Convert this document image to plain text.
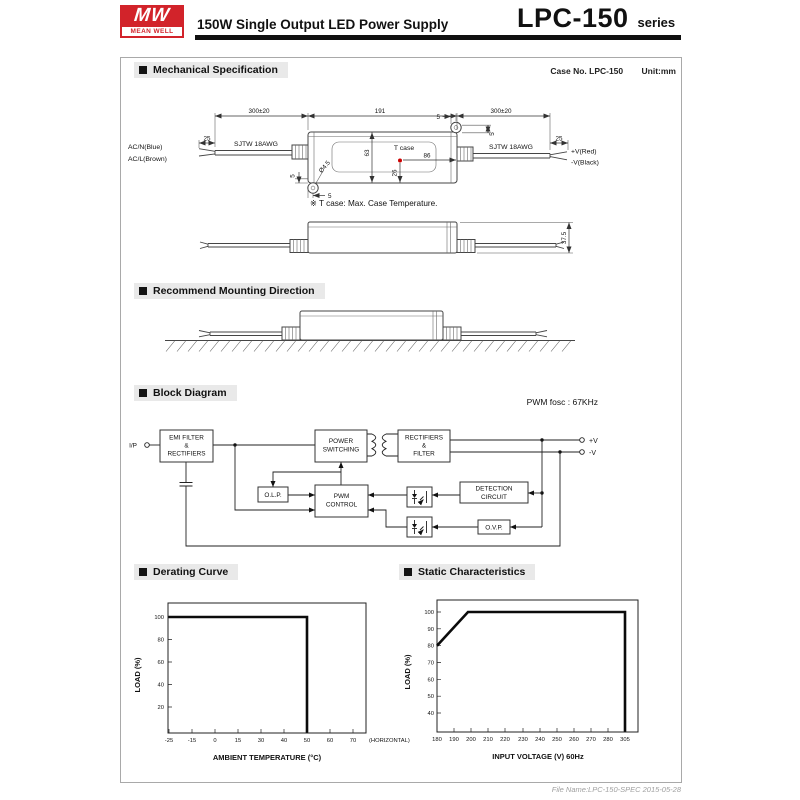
MW
MEAN WELL	150W Single Output LED Power Supply	LPC-150 series
Mechanical Specification	Case No. LPC-150 Unit:mm
Recommend Mounting Direction
Block Diagram
Derating Curve	Static Characteristics
300±20	191	300±20
25	25
63	86
26
5
5
5
5
Ø4.5
T case
SJTW 18AWG	SJTW 18AWG
AC/N(Blue)
AC/L(Brown)
+V(Red)
-V(Black)
※ T case: Max. Case Temperature.
37.5
PWM fosc : 67KHz
I/P
EMI FILTER
&
RECTIFIERS
POWER
SWITCHING
RECTIFIERS
&
FILTER
O.L.P.	PWM
CONTROL
DETECTION
CIRCUIT
O.V.P.
+V
-V
100
80
60
40
20
-25	-15	0	15	30	40	50	60	70 (HORIZONTAL)
AMBIENT TEMPERATURE (°C)
LOAD (%)
100
90
80
70
60
50
40
180 190 200 210 220 230 240 250 260 270 280 305
INPUT VOLTAGE (V) 60Hz
LOAD (%)
File Name:LPC-150-SPEC 2015-05-28
